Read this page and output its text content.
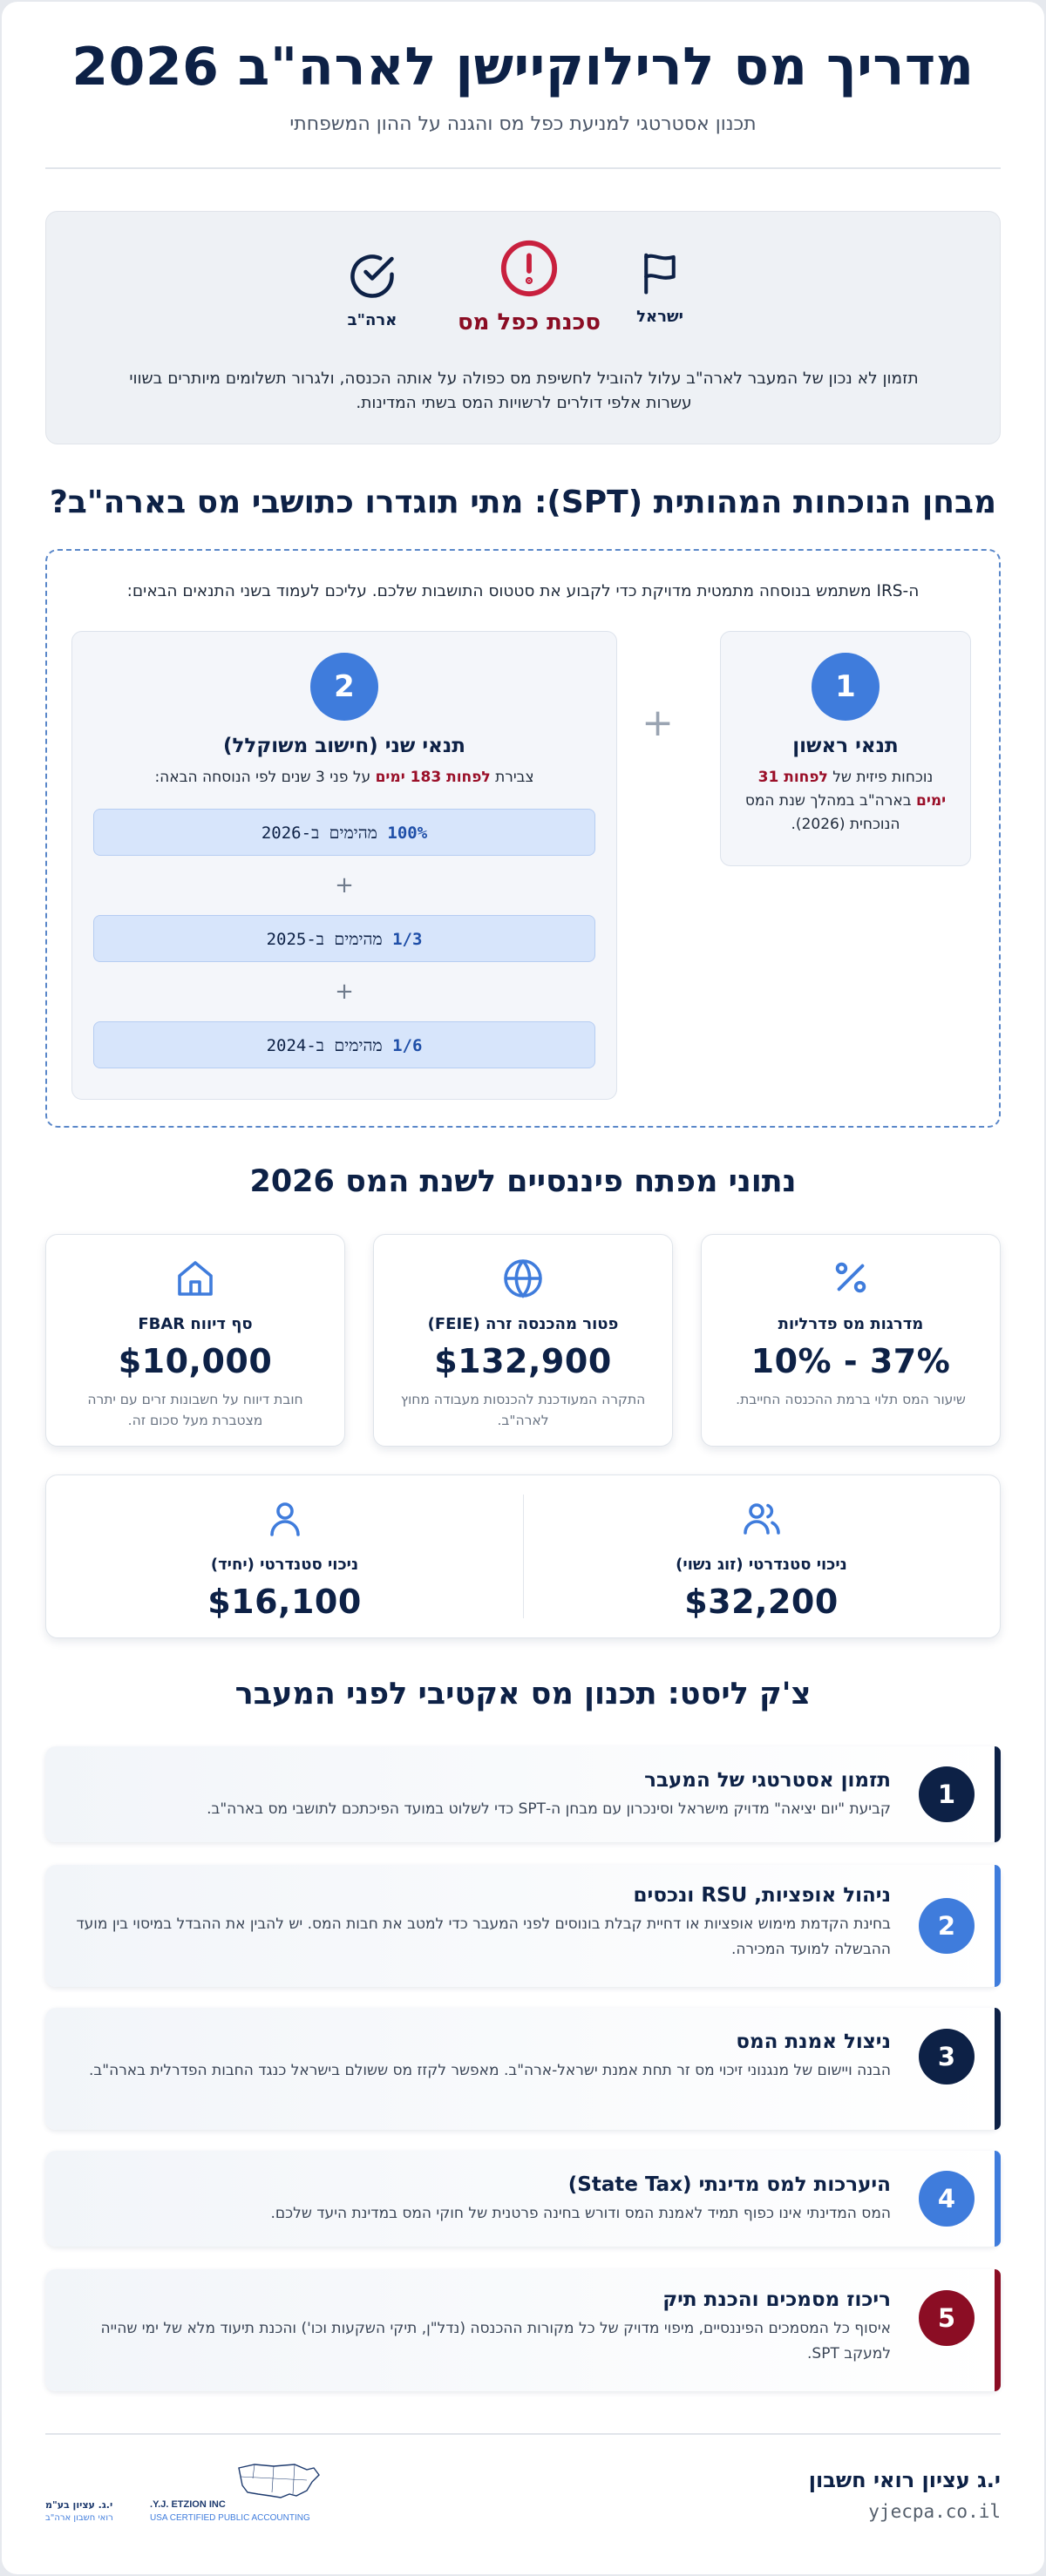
מדריך מס לרילוקיישן לארה"ב 2026
תכנון אסטרטגי למניעת כפל מס והגנה על ההון המשפחתי
ישראל
סכנת כפל מס
ארה"ב
תזמון לא נכון של המעבר לארה"ב עלול להוביל לחשיפת מס כפולה על אותה הכנסה, ולגרור תשלומים מיותרים בשווי עשרות אלפי דולרים לרשויות המס בשתי המדינות.
מבחן הנוכחות המהותית (SPT): מתי תוגדרו כתושבי מס בארה"ב?
ה-IRS משתמש בנוסחה מתמטית מדויקת כדי לקבוע את סטטוס התושבות שלכם. עליכם לעמוד בשני התנאים הבאים:
1
תנאי ראשון
נוכחות פיזית של לפחות 31 ימים בארה"ב במהלך שנת המס הנוכחית (2026).
+
2
תנאי שני (חישוב משוקלל)
צבירת לפחות 183 ימים על פני 3 שנים לפי הנוסחה הבאה:
100% מהימים ב-2026
+
1/3 מהימים ב-2025
+
1/6 מהימים ב-2024
נתוני מפתח פיננסיים לשנת המס 2026
מדרגות מס פדרליות
10% - 37%
שיעור המס תלוי ברמת ההכנסה החייבת.
פטור מהכנסה זרה (FEIE)
$132,900
התקרה המעודכנת להכנסות מעבודה מחוץ לארה"ב.
סף דיווח FBAR
$10,000
חובת דיווח על חשבונות זרים עם יתרה מצטברת מעל סכום זה.
ניכוי סטנדרטי (זוג נשוי)
$32,200
ניכוי סטנדרטי (יחיד)
$16,100
צ'ק ליסט: תכנון מס אקטיבי לפני המעבר
1
תזמון אסטרטגי של המעבר
קביעת "יום יציאה" מדויק מישראל וסינכרון עם מבחן ה-SPT כדי לשלוט במועד הפיכתכם לתושבי מס בארה"ב.
2
ניהול אופציות, RSU ונכסים
בחינת הקדמת מימוש אופציות או דחיית קבלת בונוסים לפני המעבר כדי למטב את חבות המס. יש להבין את ההבדל במיסוי בין מועד ההבשלה למועד המכירה.
3
ניצול אמנת המס
הבנה ויישום של מנגנוני זיכוי מס זר תחת אמנת ישראל-ארה"ב. מאפשר לקזז מס ששולם בישראל כנגד החבות הפדרלית בארה"ב.
4
היערכות למס מדינתי (State Tax)
המס המדינתי אינו כפוף תמיד לאמנת המס ודורש בחינה פרטנית של חוקי המס במדינת היעד שלכם.
5
ריכוז מסמכים והכנת תיק
איסוף כל המסמכים הפיננסיים, מיפוי מדויק של כל מקורות ההכנסה (נדל"ן, תיקי השקעות וכו') והכנת תיעוד מלא של ימי שהייה למעקב SPT.
י.ג עציון רואי חשבון
yjecpa.co.il
Y.J. ETZION INC.
י.ג. עציון בע"מ
USA CERTIFIED PUBLIC ACCOUNTING
רואי חשבון ארה"ב
